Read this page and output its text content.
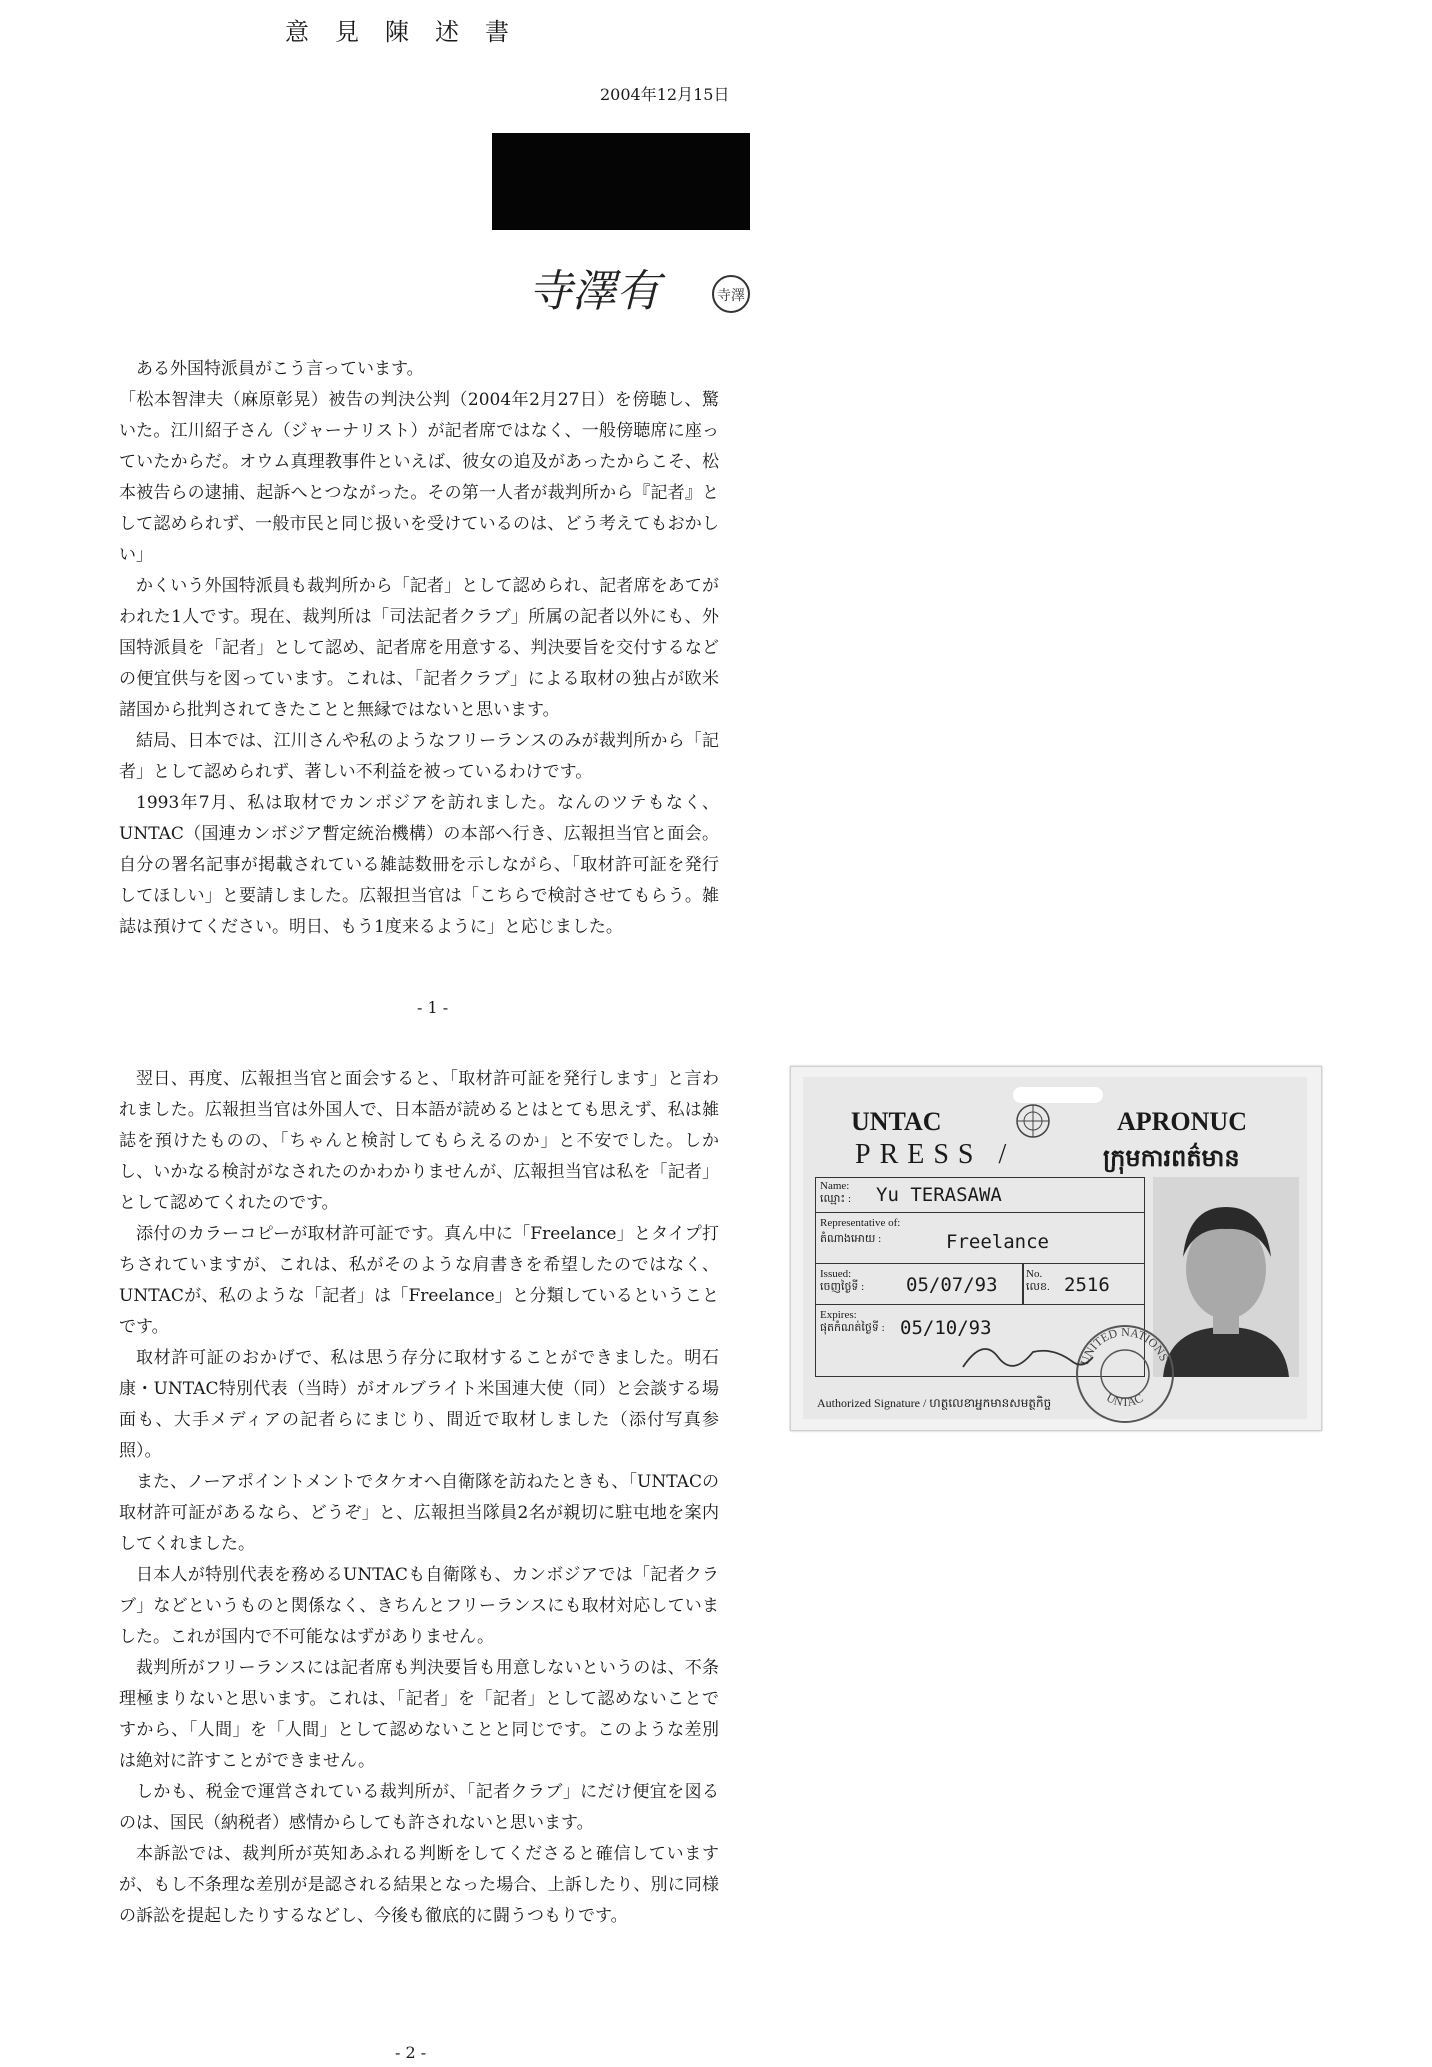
意見陳述書
2004年12月15日
寺澤有	寺澤

ある外国特派員がこう言っています。

「松本智津夫（麻原彰晃）被告の判決公判（2004年2月27日）を傍聴し、驚いた。江川紹子さん（ジャーナリスト）が記者席ではなく、一般傍聴席に座っていたからだ。オウム真理教事件といえば、彼女の追及があったからこそ、松本被告らの逮捕、起訴へとつながった。その第一人者が裁判所から『記者』として認められず、一般市民と同じ扱いを受けているのは、どう考えてもおかしい」

かくいう外国特派員も裁判所から「記者」として認められ、記者席をあてがわれた1人です。現在、裁判所は「司法記者クラブ」所属の記者以外にも、外国特派員を「記者」として認め、記者席を用意する、判決要旨を交付するなどの便宜供与を図っています。これは、「記者クラブ」による取材の独占が欧米諸国から批判されてきたことと無縁ではないと思います。

結局、日本では、江川さんや私のようなフリーランスのみが裁判所から「記者」として認められず、著しい不利益を被っているわけです。

1993年7月、私は取材でカンボジアを訪れました。なんのツテもなく、UNTAC（国連カンボジア暫定統治機構）の本部へ行き、広報担当官と面会。自分の署名記事が掲載されている雑誌数冊を示しながら、「取材許可証を発行してほしい」と要請しました。広報担当官は「こちらで検討させてもらう。雑誌は預けてください。明日、もう1度来るように」と応じました。

- 1 -

翌日、再度、広報担当官と面会すると、「取材許可証を発行します」と言われました。広報担当官は外国人で、日本語が読めるとはとても思えず、私は雑誌を預けたものの、「ちゃんと検討してもらえるのか」と不安でした。しかし、いかなる検討がなされたのかわかりませんが、広報担当官は私を「記者」として認めてくれたのです。

添付のカラーコピーが取材許可証です。真ん中に「Freelance」とタイプ打ちされていますが、これは、私がそのような肩書きを希望したのではなく、UNTACが、私のような「記者」は「Freelance」と分類しているということです。

取材許可証のおかげで、私は思う存分に取材することができました。明石康・UNTAC特別代表（当時）がオルブライト米国連大使（同）と会談する場面も、大手メディアの記者らにまじり、間近で取材しました（添付写真参照）。

また、ノーアポイントメントでタケオへ自衛隊を訪ねたときも、「UNTACの取材許可証があるなら、どうぞ」と、広報担当隊員2名が親切に駐屯地を案内してくれました。

日本人が特別代表を務めるUNTACも自衛隊も、カンボジアでは「記者クラブ」などというものと関係なく、きちんとフリーランスにも取材対応していました。これが国内で不可能なはずがありません。

裁判所がフリーランスには記者席も判決要旨も用意しないというのは、不条理極まりないと思います。これは、「記者」を「記者」として認めないことですから、「人間」を「人間」として認めないことと同じです。このような差別は絶対に許すことができません。

しかも、税金で運営されている裁判所が、「記者クラブ」にだけ便宜を図るのは、国民（納税者）感情からしても許されないと思います。

本訴訟では、裁判所が英知あふれる判断をしてくださると確信していますが、もし不条理な差別が是認される結果となった場合、上訴したり、別に同様の訴訟を提起したりするなどし、今後も徹底的に闘うつもりです。

- 2 -
UNTAC	APRONUC
PRESS /	ក្រុមការពត៌មាន
Name:
ឈ្មោះ : Yu TERASAWA
Representative of:
តំណាងអោយ :	Freelance
Issued:
ចេញថ្ងៃទី : 05/07/93	No.
លេខ. 2516
Expires:
ផុតកំណត់ថ្ងៃទី : 05/10/93
UNITED NATIONS
UNTAC
Authorized Signature / ហត្ថលេខាអ្នកមានសមត្ថកិច្ច
